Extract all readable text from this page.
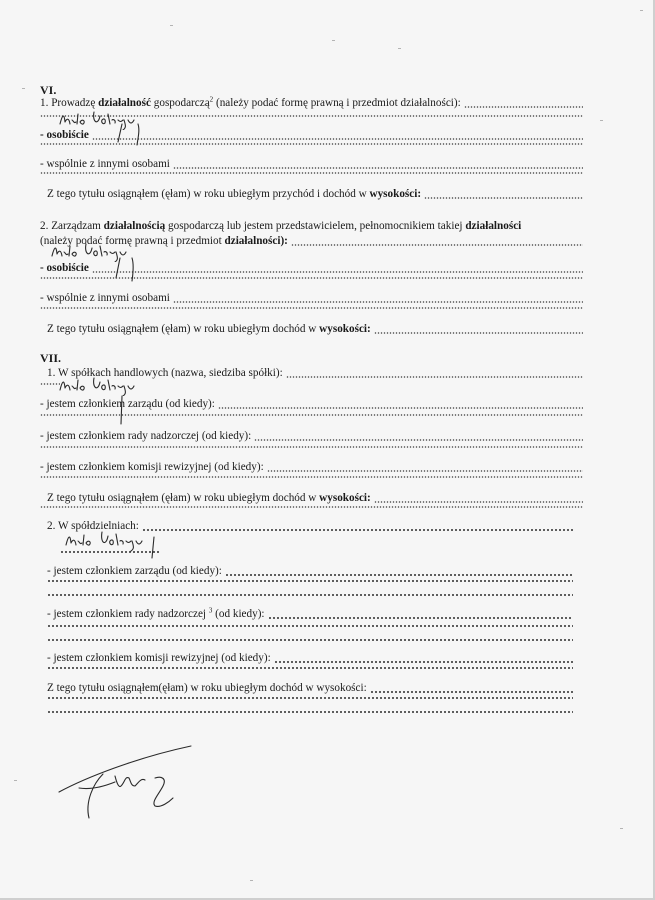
VI.
1. Prowadzę działalność gospodarczą$^2$ (należy podać formę prawną i przedmiot działalności):
- osobiście
- wspólnie z innymi osobami
Z tego tytułu osiągnąłem (ęłam) w roku ubiegłym przychód i dochód w wysokości:
2. Zarządzam działalnością gospodarczą lub jestem przedstawicielem, pełnomocnikiem takiej działalności
(należy podać formę prawną i przedmiot działalności):
- osobiście
- wspólnie z innymi osobami
Z tego tytułu osiągnąłem (ęłam) w roku ubiegłym dochód w wysokości:
VII.
1. W spółkach handlowych (nazwa, siedziba spółki):
- jestem członkiem zarządu (od kiedy):
- jestem członkiem rady nadzorczej (od kiedy):
- jestem członkiem komisji rewizyjnej (od kiedy):
Z tego tytułu osiągnąłem (ęłam) w roku ubiegłym dochód w wysokości:
2. W spółdzielniach:
- jestem członkiem zarządu (od kiedy):
- jestem członkiem rady nadzorczej $^3$ (od kiedy):
- jestem członkiem komisji rewizyjnej (od kiedy):
Z tego tytułu osiągnąłem(ęłam) w roku ubiegłym dochód w wysokości:
